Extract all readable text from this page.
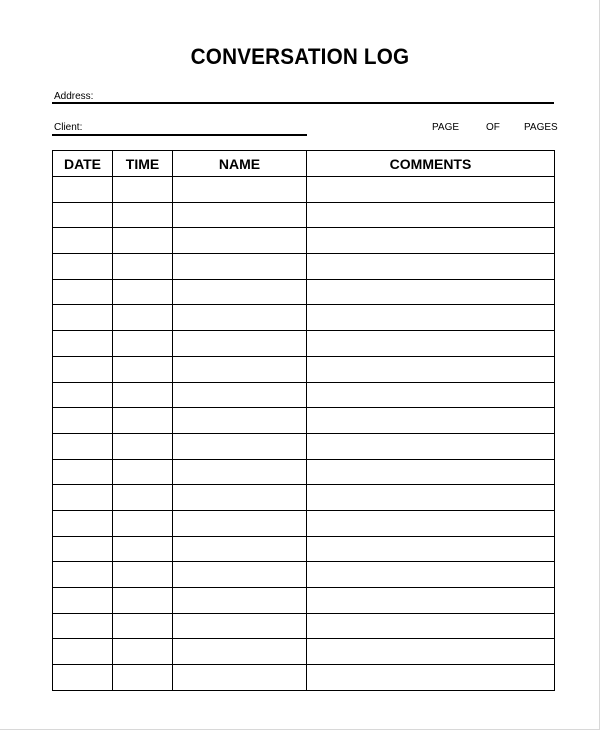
CONVERSATION LOG
Address:
Client:	PAGE	OF PAGES
DATE	TIME	NAME	COMMENTS
